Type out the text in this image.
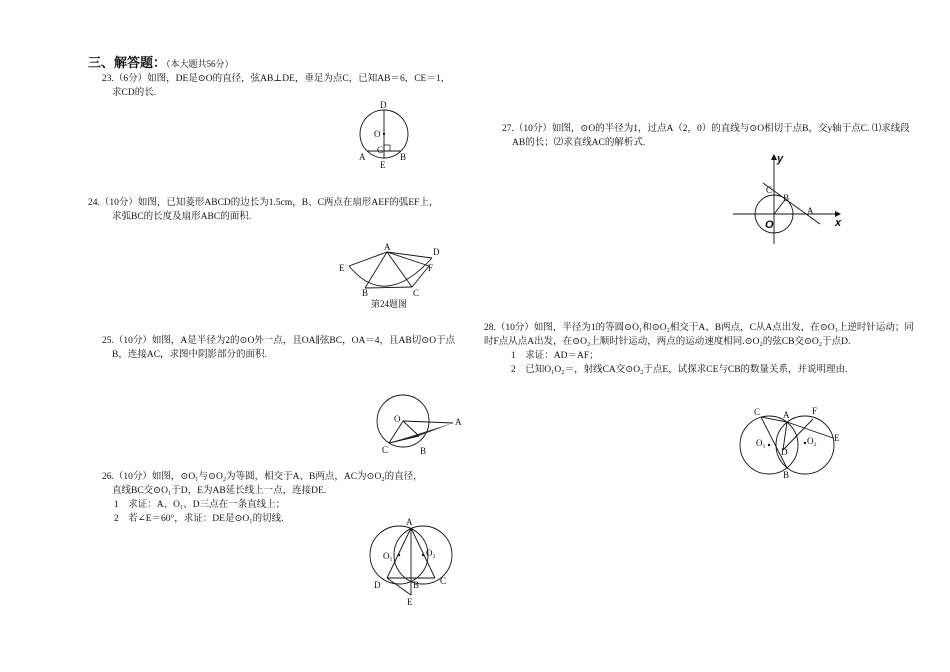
三、解答题：（本大题共56分）
23.（6分）如图，DE是⊙O的直径，弦AB⊥DE，垂足为点C，已知AB＝6，CE＝1，
求CD的长.
D
O
C
A	B
E
24.（10分）如图，已知菱形ABCD的边长为1.5cm，B、C两点在扇形AEF的弧EF上，
求弧BC的长度及扇形ABC的面积.
A	D
E	F
B	C
第24题图
25.（10分）如图，A是半径为2的⊙O外一点，且OA∥弦BC，OA＝4，且AB切⊙O于点
B，连接AC，求图中阴影部分的面积.
O	A
C	B
26.（10分）如图，⊙O₁与⊙O₂为等圆，相交于A、B两点，AC为⊙O₂的直径，
直线BC交⊙O₁于D，E为AB延长线上一点，连接DE.
1　求证：A、O₁、D三点在一条直线上；
2　若∠E＝60°，求证：DE是⊙O₁的切线.	A
O₁	O₂
D	B C
E
27.（10分）如图，⊙O的半径为1，过点A（2，0）的直线与⊙O相切于点B，交y轴于点C. ⑴求线段
AB的长；⑵求直线AC的解析式.
y
x
O
C
B
A
28.（10分）如图，半径为1的等圆⊙O₁和⊙O₂相交于A、B两点，C从A点出发，在⊙O₁上逆时针运动；同
时F点从点A出发，在⊙O₂上顺时针运动，两点的运动速度相同.⊙O₂的弦CB交⊙O₂于点D.
1　求证：AD＝AF；
2　已知O₁O₂＝，射线CA交⊙O₂于点E，试探求CE与CB的数量关系，并说明理由.
C	A	F
O₁
D
O₂ E
B
